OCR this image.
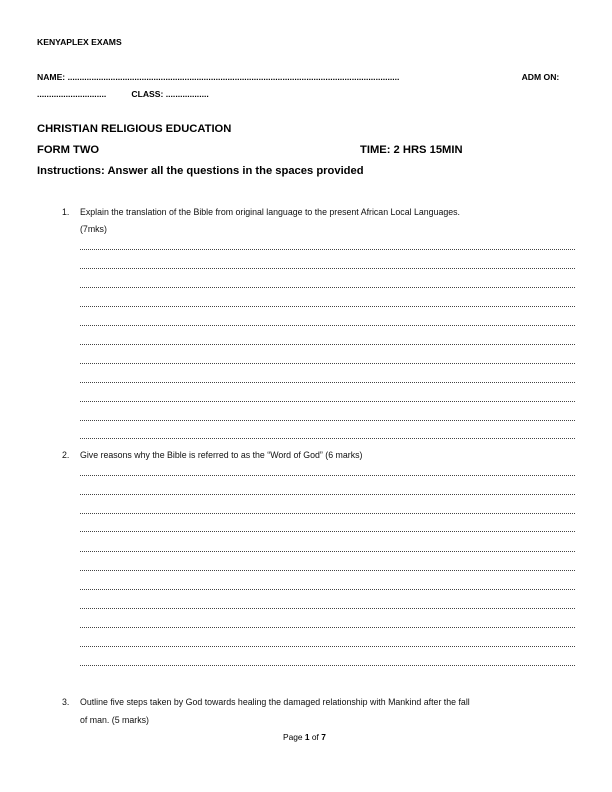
KENYAPLEX EXAMS
NAME: ...........................................................................................................................................	ADM ON:
.............................	CLASS: ..................
CHRISTIAN RELIGIOUS EDUCATION
FORM TWO	TIME: 2 HRS 15MIN
Instructions: Answer all the questions in the spaces provided
1. Explain the translation of the Bible from original language to the present African Local Languages.
(7mks)
2. Give reasons why the Bible is referred to as the “Word of God” (6 marks)
3. Outline five steps taken by God towards healing the damaged relationship with Mankind after the fall
of man. (5 marks)
Page 1 of 7
